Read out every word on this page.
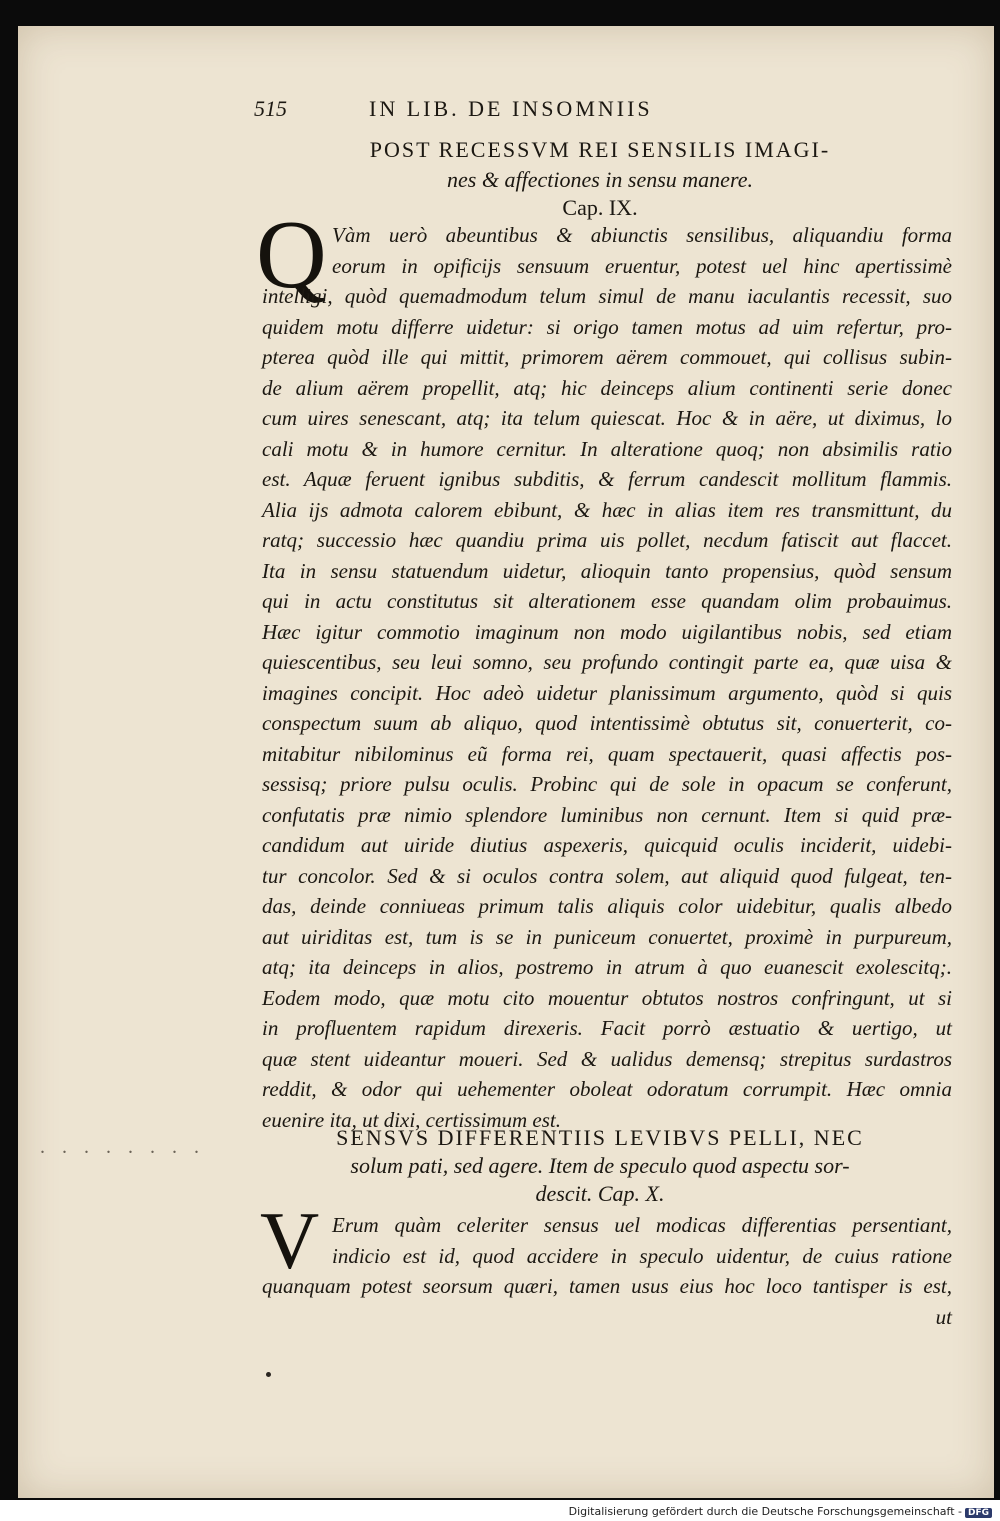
515	IN LIB. DE INSOMNIIS
POST RECESSVM REI SENSILIS IMAGI-
nes & affectiones in sensu manere.
Cap. IX.
Q Vàm uerò abeuntibus & abiunctis sensilibus, aliquandiu forma
eorum in opificijs sensuum eruentur, potest uel hinc apertissimè
intelligi, quòd quemadmodum telum simul de manu iaculantis recessit, suo
quidem motu differre uidetur: si origo tamen motus ad uim refertur, pro-
pterea quòd ille qui mittit, primorem aërem commouet, qui collisus subin-
de alium aërem propellit, atq; hic deinceps alium continenti serie donec
cum uires senescant, atq; ita telum quiescat. Hoc & in aëre, ut diximus, lo
cali motu & in humore cernitur. In alteratione quoq; non absimilis ratio
est. Aquæ feruent ignibus subditis, & ferrum candescit mollitum flammis.
Alia ijs admota calorem ebibunt, & hæc in alias item res transmittunt, du
ratq; successio hæc quandiu prima uis pollet, necdum fatiscit aut flaccet.
Ita in sensu statuendum uidetur, alioquin tanto propensius, quòd sensum
qui in actu constitutus sit alterationem esse quandam olim probauimus.
Hæc igitur commotio imaginum non modo uigilantibus nobis, sed etiam
quiescentibus, seu leui somno, seu profundo contingit parte ea, quæ uisa &
imagines concipit. Hoc adeò uidetur planissimum argumento, quòd si quis
conspectum suum ab aliquo, quod intentissimè obtutus sit, conuerterit, co-
mitabitur nibilominus eũ forma rei, quam spectauerit, quasi affectis pos-
sessisq; priore pulsu oculis. Probinc qui de sole in opacum se conferunt,
confutatis præ nimio splendore luminibus non cernunt. Item si quid præ-
candidum aut uiride diutius aspexeris, quicquid oculis inciderit, uidebi-
tur concolor. Sed & si oculos contra solem, aut aliquid quod fulgeat, ten-
das, deinde conniueas primum talis aliquis color uidebitur, qualis albedo
aut uiriditas est, tum is se in puniceum conuertet, proximè in purpureum,
atq; ita deinceps in alios, postremo in atrum à quo euanescit exolescitq;.
Eodem modo, quæ motu cito mouentur obtutos nostros confringunt, ut si
in profluentem rapidum direxeris. Facit porrò æstuatio & uertigo, ut
quæ stent uideantur moueri. Sed & ualidus demensq; strepitus surdastros
reddit, & odor qui uehementer oboleat odoratum corrumpit. Hæc omnia
euenire ita, ut dixi, certissimum est.
. . . . . . . .	SENSVS DIFFERENTIIS LEVIBVS PELLI, NEC
solum pati, sed agere. Item de speculo quod aspectu sor-
descit. Cap. X.
V Erum quàm celeriter sensus uel modicas differentias persentiant,
indicio est id, quod accidere in speculo uidentur, de cuius ratione
quanquam potest seorsum quæri, tamen usus eius hoc loco tantisper is est,
ut
Digitalisierung gefördert durch die Deutsche Forschungsgemeinschaft - DFG
